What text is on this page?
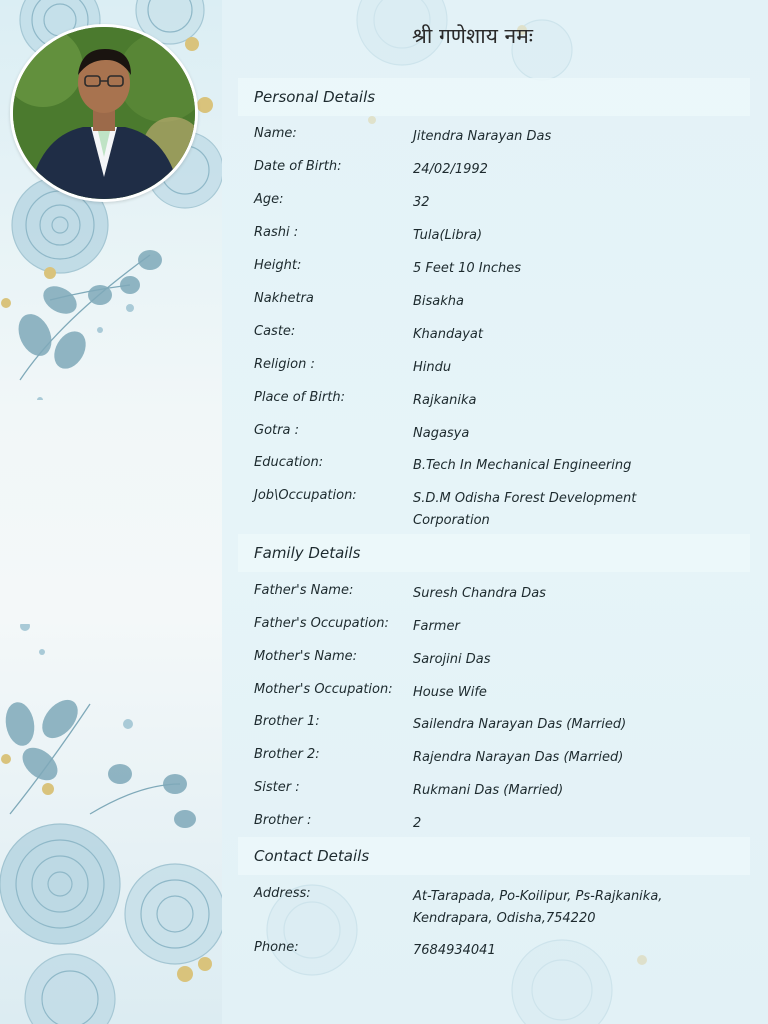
श्री गणेशाय नमः
Personal Details
Name:	Jitendra Narayan Das
Date of Birth:	24/02/1992
Age:	32
Rashi :	Tula(Libra)
Height:	5 Feet 10 Inches
Nakhetra	Bisakha
Caste:	Khandayat
Religion :	Hindu
Place of Birth:	Rajkanika
Gotra :	Nagasya
Education:	B.Tech In Mechanical Engineering
Job\Occupation:	S.D.M Odisha Forest Development Corporation
Family Details
Father's Name:	Suresh Chandra Das
Father's Occupation:	Farmer
Mother's Name:	Sarojini Das
Mother's Occupation:	House Wife
Brother 1:	Sailendra Narayan Das (Married)
Brother 2:	Rajendra Narayan Das (Married)
Sister :	Rukmani Das (Married)
Brother :	2
Contact Details
Address:	At-Tarapada, Po-Koilipur, Ps-Rajkanika, Kendrapara, Odisha,754220
Phone:	7684934041
